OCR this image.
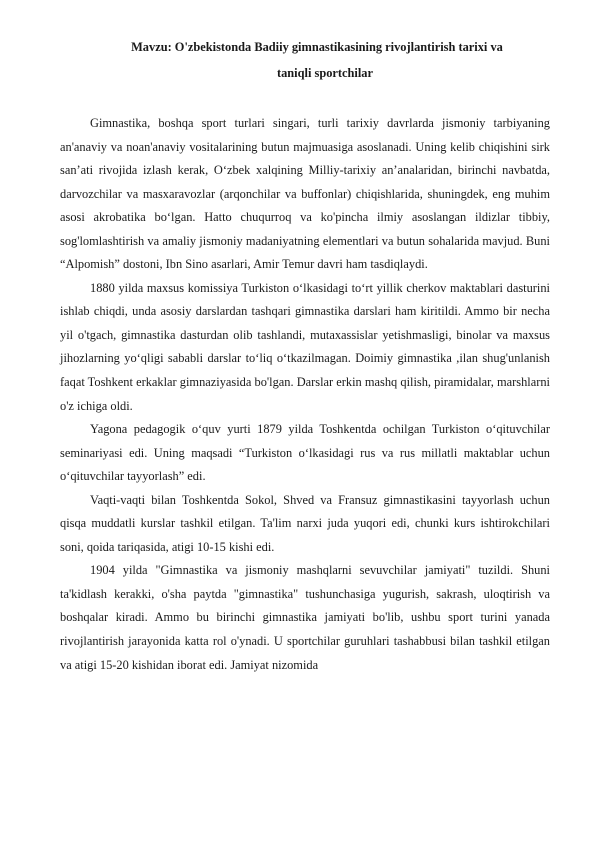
Mavzu: O'zbekistonda Badiiy gimnastikasining rivojlantirish tarixi va
taniqli sportchilar

Gimnastika, boshqa sport turlari singari, turli tarixiy davrlarda jismoniy tarbiyaning an'anaviy va noan'anaviy vositalarining butun majmuasiga asoslanadi. Uning kelib chiqishini sirk san’ati rivojida izlash kerak, O‘zbek xalqining Milliy-tarixiy an’analaridan, birinchi navbatda, darvozchilar va masxaravozlar (arqonchilar va buffonlar) chiqishlarida, shuningdek, eng muhim asosi akrobatika bo‘lgan. Hatto chuqurroq va ko'pincha ilmiy asoslangan ildizlar tibbiy, sog'lomlashtirish va amaliy jismoniy madaniyatning elementlari va butun sohalarida mavjud. Buni “Alpomish” dostoni, Ibn Sino asarlari, Amir Temur davri ham tasdiqlaydi.

1880 yilda maxsus komissiya Turkiston o‘lkasidagi to‘rt yillik cherkov maktablari dasturini ishlab chiqdi, unda asosiy darslardan tashqari gimnastika darslari ham kiritildi. Ammo bir necha yil o'tgach, gimnastika dasturdan olib tashlandi, mutaxassislar yetishmasligi, binolar va maxsus jihozlarning yo‘qligi sababli darslar to‘liq o‘tkazilmagan. Doimiy gimnastika ,ilan shug'unlanish faqat Toshkent erkaklar gimnaziyasida bo'lgan. Darslar erkin mashq qilish, piramidalar, marshlarni o'z ichiga oldi.

Yagona pedagogik o‘quv yurti 1879 yilda Toshkentda ochilgan Turkiston o‘qituvchilar seminariyasi edi. Uning maqsadi “Turkiston o‘lkasidagi rus va rus millatli maktablar uchun o‘qituvchilar tayyorlash” edi.

Vaqti-vaqti bilan Toshkentda Sokol, Shved va Fransuz gimnastikasini tayyorlash uchun qisqa muddatli kurslar tashkil etilgan. Ta'lim narxi juda yuqori edi, chunki kurs ishtirokchilari soni, qoida tariqasida, atigi 10-15 kishi edi.

1904 yilda "Gimnastika va jismoniy mashqlarni sevuvchilar jamiyati" tuzildi. Shuni ta'kidlash kerakki, o'sha paytda "gimnastika" tushunchasiga yugurish, sakrash, uloqtirish va boshqalar kiradi. Ammo bu birinchi gimnastika jamiyati bo'lib, ushbu sport turini yanada rivojlantirish jarayonida katta rol o'ynadi. U sportchilar guruhlari tashabbusi bilan tashkil etilgan va atigi 15-20 kishidan iborat edi. Jamiyat nizomida
